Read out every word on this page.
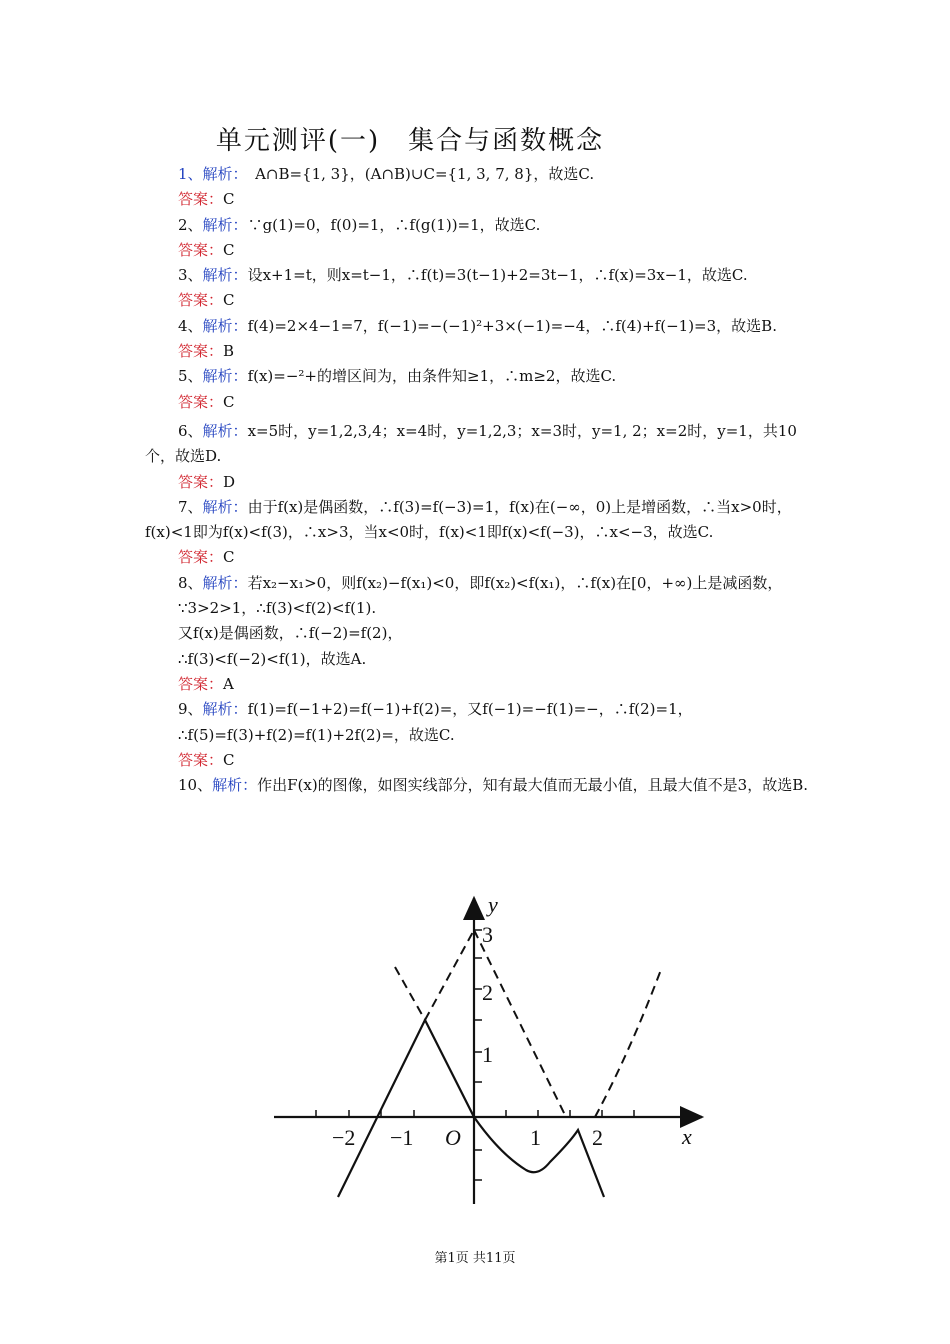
单元测评(一)　集合与函数概念
1、解析：　A∩B={1, 3}，(A∩B)∪C={1, 3, 7, 8}，故选C.
答案：C
2、解析：∵g(1)=0，f(0)=1，∴f(g(1))=1，故选C.
答案：C
3、解析：设x+1=t，则x=t−1，∴f(t)=3(t−1)+2=3t−1，∴f(x)=3x−1，故选C.
答案：C
4、解析：f(4)=2×4−1=7，f(−1)=−(−1)²+3×(−1)=−4，∴f(4)+f(−1)=3，故选B.
答案：B
5、解析：f(x)=−²+的增区间为，由条件知≥1，∴m≥2，故选C.
答案：C
6、解析：x=5时，y=1,2,3,4；x=4时，y=1,2,3；x=3时，y=1, 2；x=2时，y=1，共10个，故选D.
答案：D
7、解析：由于f(x)是偶函数，∴f(3)=f(−3)=1，f(x)在(−∞，0)上是增函数，∴当x>0时，f(x)<1即为f(x)<f(3)，∴x>3，当x<0时，f(x)<1即f(x)<f(−3)，∴x<−3，故选C.
答案：C
8、解析：若x₂−x₁>0，则f(x₂)−f(x₁)<0，即f(x₂)<f(x₁)，∴f(x)在[0，+∞)上是减函数，
∵3>2>1，∴f(3)<f(2)<f(1).
又f(x)是偶函数，∴f(−2)=f(2)，
∴f(3)<f(−2)<f(1)，故选A.
答案：A
9、解析：f(1)=f(−1+2)=f(−1)+f(2)=，又f(−1)=−f(1)=−，∴f(2)=1，
∴f(5)=f(3)+f(2)=f(1)+2f(2)=，故选C.
答案：C
10、解析：作出F(x)的图像，如图实线部分，知有最大值而无最小值，且最大值不是3，故选B.
y
x
O
−2 −1	1 2
1
2
3
第1页 共11页
